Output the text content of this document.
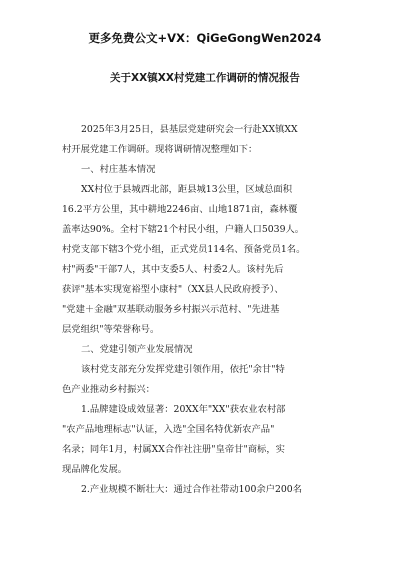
更多免费公文+VX：QiGeGongWen2024
关于XX镇XX村党建工作调研的情况报告
2025年3月25日，县基层党建研究会一行赴XX镇XX
村开展党建工作调研。现将调研情况整理如下：
一、村庄基本情况
XX村位于县城西北部，距县城13公里，区域总面积
16.2平方公里，其中耕地2246亩、山地1871亩，森林覆
盖率达90%。全村下辖21个村民小组，户籍人口5039人。
村党支部下辖3个党小组，正式党员114名、预备党员1名。
村"两委"干部7人，其中支委5人、村委2人。该村先后
获评"基本实现宽裕型小康村"（XX县人民政府授予）、
"党建＋金融"双基联动服务乡村振兴示范村、"先进基
层党组织"等荣誉称号。
二、党建引领产业发展情况
该村党支部充分发挥党建引领作用，依托"余甘"特
色产业推动乡村振兴：
1.品牌建设成效显著：20XX年"XX"获农业农村部
"农产品地理标志"认证，入选"全国名特优新农产品"
名录；同年1月，村属XX合作社注册"皇帝甘"商标，实
现品牌化发展。
2.产业规模不断壮大：通过合作社带动100余户200名
